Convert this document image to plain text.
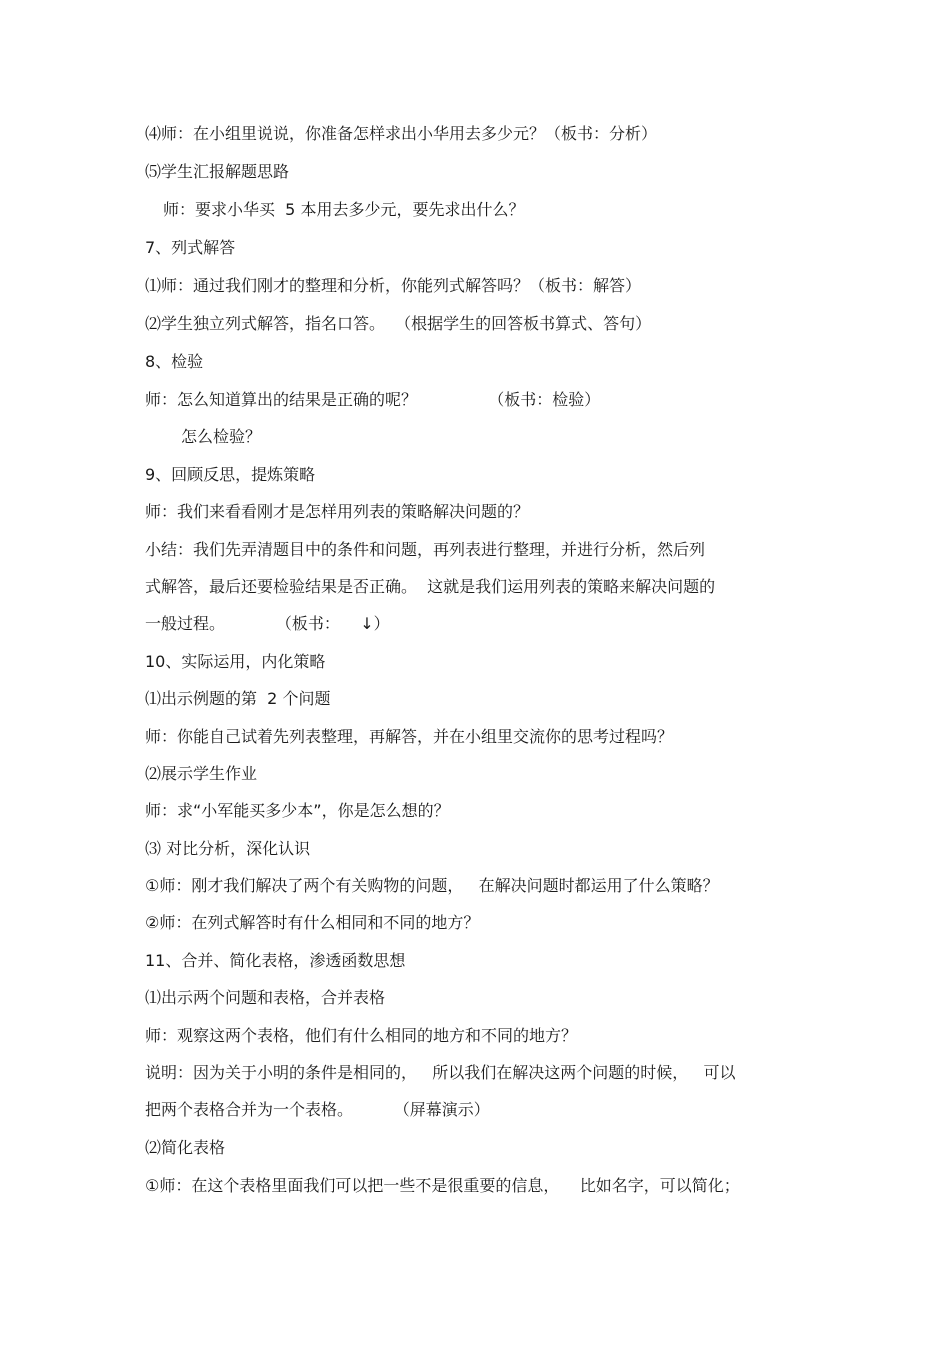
⑷师：在小组里说说，你准备怎样求出小华用去多少元？（板书：分析）
⑸学生汇报解题思路
师：要求小华买  5 本用去多少元，要先求出什么？
7、列式解答
⑴师：通过我们刚才的整理和分析，你能列式解答吗？（板书：解答）
⑵学生独立列式解答，指名口答。  （根据学生的回答板书算式、答句）
8、检验
师：怎么知道算出的结果是正确的呢？              （板书：检验）
怎么检验？
9、回顾反思，提炼策略
师：我们来看看刚才是怎样用列表的策略解决问题的？
小结：我们先弄清题目中的条件和问题，再列表进行整理，并进行分析，然后列
式解答，最后还要检验结果是否正确。  这就是我们运用列表的策略来解决问题的
一般过程。          （板书：    ↓）
10、实际运用，内化策略
⑴出示例题的第  2 个问题
师：你能自己试着先列表整理，再解答，并在小组里交流你的思考过程吗？
⑵展示学生作业
师：求“小军能买多少本”，你是怎么想的？
⑶ 对比分析，深化认识
①师：刚才我们解决了两个有关购物的问题，   在解决问题时都运用了什么策略？
②师：在列式解答时有什么相同和不同的地方？
11、合并、简化表格，渗透函数思想
⑴出示两个问题和表格，合并表格
师：观察这两个表格，他们有什么相同的地方和不同的地方？
说明：因为关于小明的条件是相同的，   所以我们在解决这两个问题的时候，   可以
把两个表格合并为一个表格。        （屏幕演示）
⑵简化表格
①师：在这个表格里面我们可以把一些不是很重要的信息，    比如名字，可以简化；
